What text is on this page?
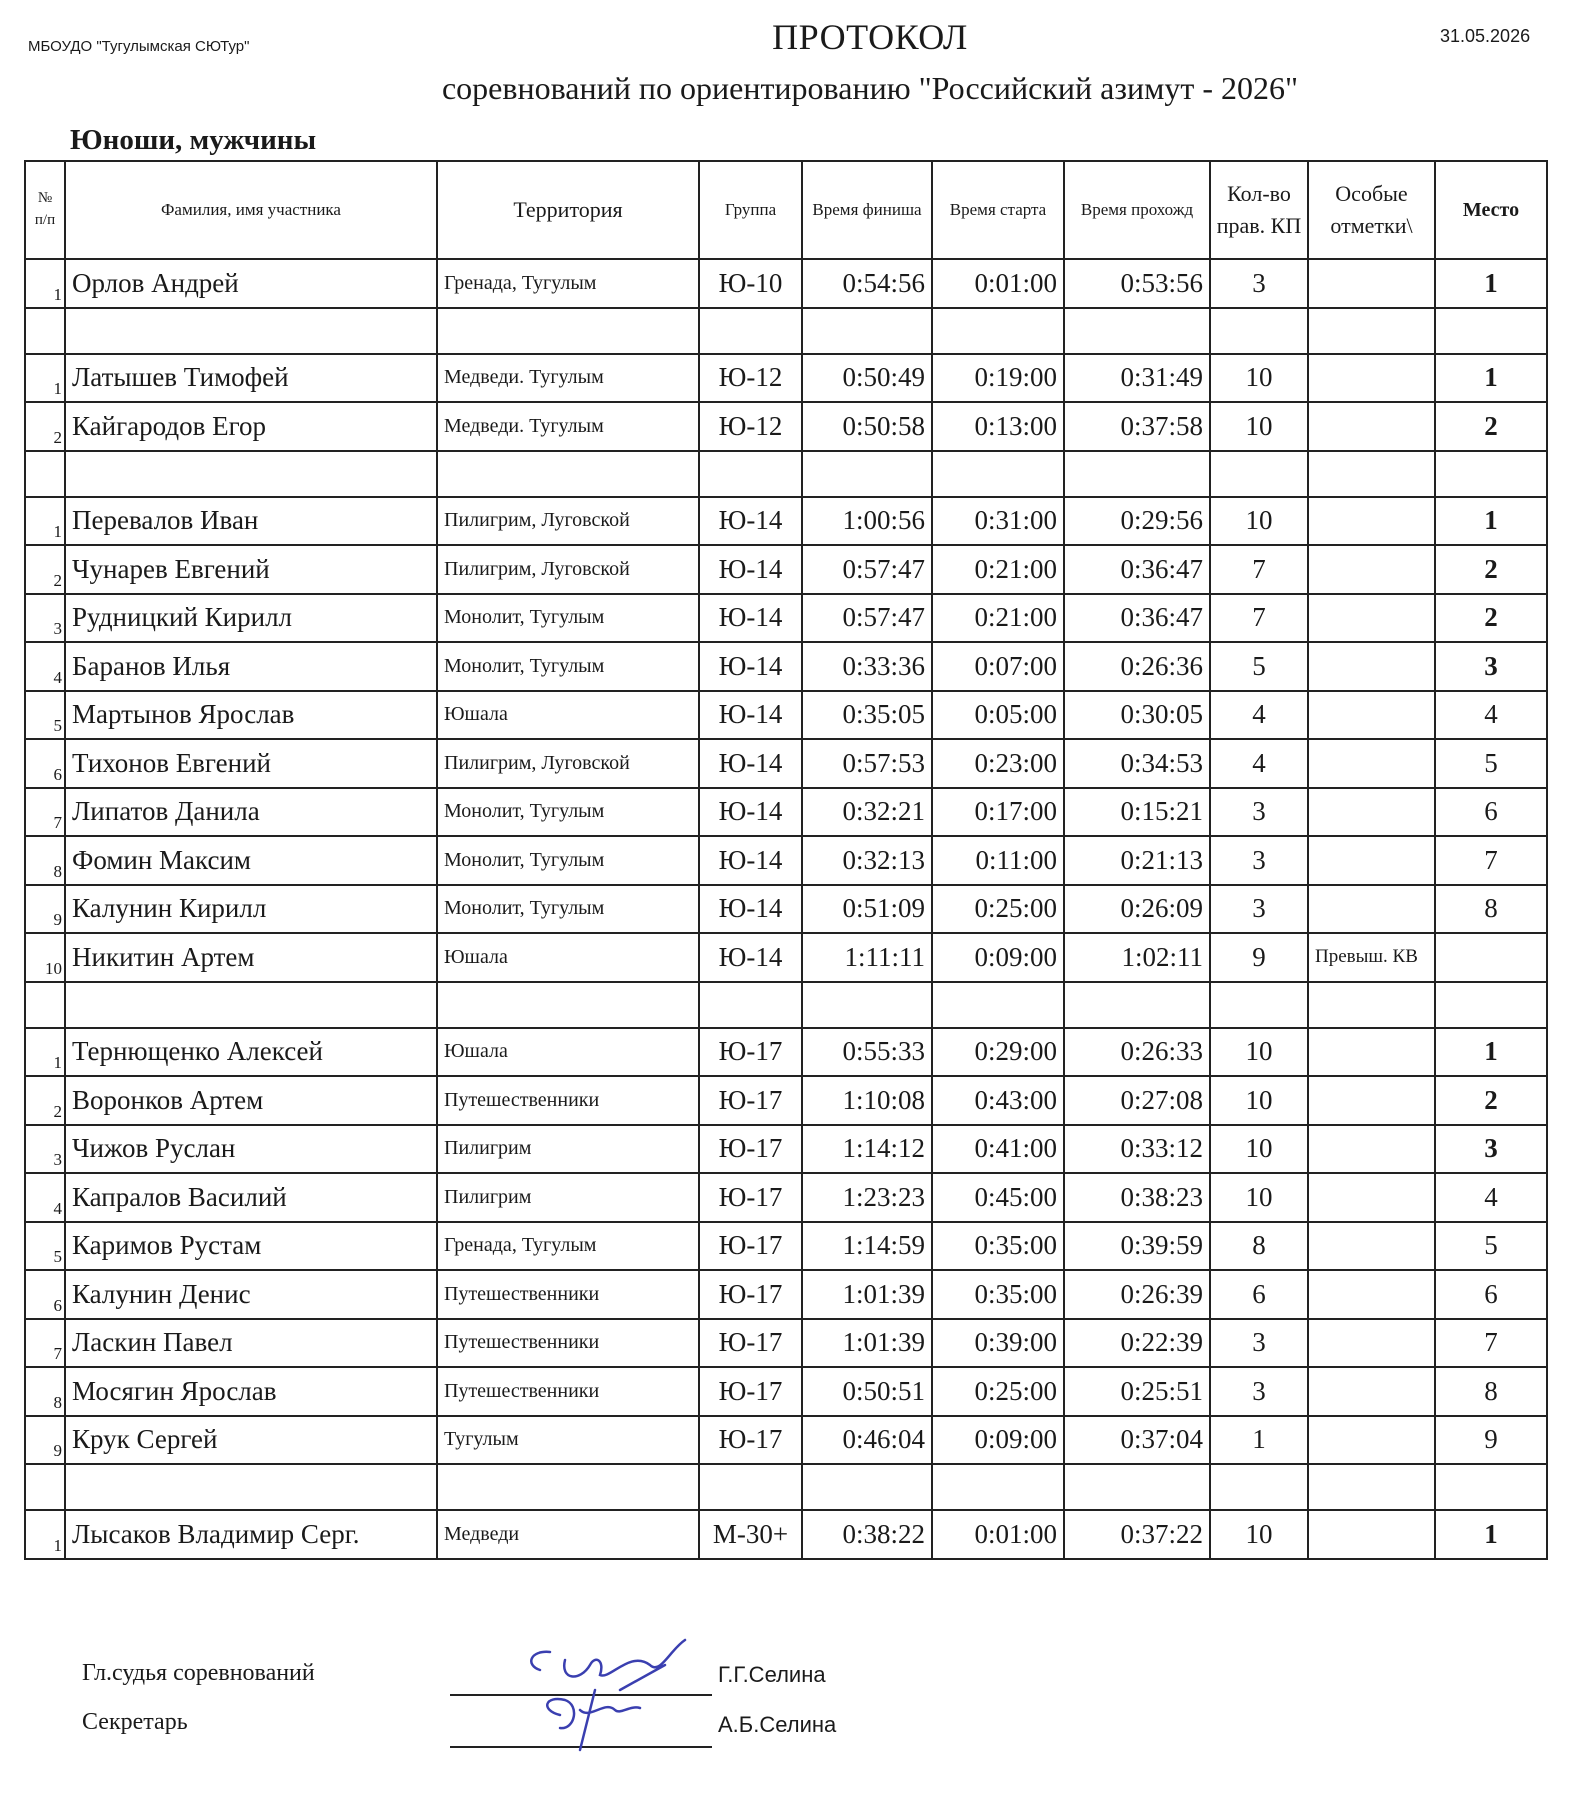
МБОУДО "Тугулымская СЮТур"	ПРОТОКОЛ	31.05.2026
соревнований по ориентированию "Российский азимут - 2026"
Юноши, мужчины
№ п/п	Фамилия, имя участника	Территория	Группа	Время финиша	Время старта	Время прохожд	Кол-во прав. КП	Особые отметки\	Место
1	Орлов Андрей	Гренада, Тугулым	Ю-10	0:54:56	0:01:00	0:53:56	3		1

1	Латышев Тимофей	Медведи. Тугулым	Ю-12	0:50:49	0:19:00	0:31:49	10		1
2	Кайгародов Егор	Медведи. Тугулым	Ю-12	0:50:58	0:13:00	0:37:58	10		2

1	Перевалов Иван	Пилигрим, Луговской	Ю-14	1:00:56	0:31:00	0:29:56	10		1
2	Чунарев Евгений	Пилигрим, Луговской	Ю-14	0:57:47	0:21:00	0:36:47	7		2
3	Рудницкий Кирилл	Монолит, Тугулым	Ю-14	0:57:47	0:21:00	0:36:47	7		2
4	Баранов Илья	Монолит, Тугулым	Ю-14	0:33:36	0:07:00	0:26:36	5		3
5	Мартынов Ярослав	Юшала	Ю-14	0:35:05	0:05:00	0:30:05	4		4
6	Тихонов Евгений	Пилигрим, Луговской	Ю-14	0:57:53	0:23:00	0:34:53	4		5
7	Липатов Данила	Монолит, Тугулым	Ю-14	0:32:21	0:17:00	0:15:21	3		6
8	Фомин Максим	Монолит, Тугулым	Ю-14	0:32:13	0:11:00	0:21:13	3		7
9	Калунин Кирилл	Монолит, Тугулым	Ю-14	0:51:09	0:25:00	0:26:09	3		8
10	Никитин Артем	Юшала	Ю-14	1:11:11	0:09:00	1:02:11	9	Превыш. КВ	

1	Тернющенко Алексей	Юшала	Ю-17	0:55:33	0:29:00	0:26:33	10		1
2	Воронков Артем	Путешественники	Ю-17	1:10:08	0:43:00	0:27:08	10		2
3	Чижов Руслан	Пилигрим	Ю-17	1:14:12	0:41:00	0:33:12	10		3
4	Капралов Василий	Пилигрим	Ю-17	1:23:23	0:45:00	0:38:23	10		4
5	Каримов Рустам	Гренада, Тугулым	Ю-17	1:14:59	0:35:00	0:39:59	8		5
6	Калунин Денис	Путешественники	Ю-17	1:01:39	0:35:00	0:26:39	6		6
7	Ласкин Павел	Путешественники	Ю-17	1:01:39	0:39:00	0:22:39	3		7
8	Мосягин Ярослав	Путешественники	Ю-17	0:50:51	0:25:00	0:25:51	3		8
9	Крук Сергей	Тугулым	Ю-17	0:46:04	0:09:00	0:37:04	1		9

1	Лысаков Владимир Серг.	Медведи	М-30+	0:38:22	0:01:00	0:37:22	10		1
Гл.судья соревнований	Г.Г.Селина
Секретарь	А.Б.Селина
